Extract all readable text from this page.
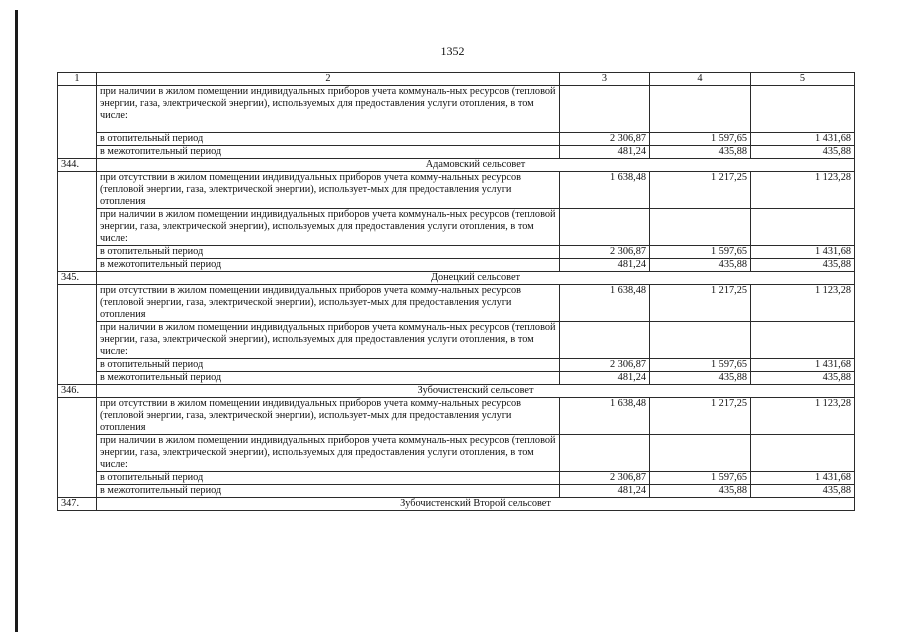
1352
1	2	3	4	5
	при наличии в жилом помещении индивидуальных приборов учета коммуналь-ных ресурсов (тепловой энергии, газа, электрической энергии), используемых для предоставления услуги отопления, в том числе:			
	в отопительный период	2 306,87	1 597,65	1 431,68
	в межотопительный период	481,24	435,88	435,88
344.	Адамовский сельсовет			
	при отсутствии в жилом помещении индивидуальных приборов учета комму-нальных ресурсов (тепловой энергии, газа, электрической энергии), использует-мых для предоставления услуги отопления	1 638,48	1 217,25	1 123,28
	при наличии в жилом помещении индивидуальных приборов учета коммуналь-ных ресурсов (тепловой энергии, газа, электрической энергии), используемых для предоставления услуги отопления, в том числе:			
	в отопительный период	2 306,87	1 597,65	1 431,68
	в межотопительный период	481,24	435,88	435,88
345.	Донецкий сельсовет			
	при отсутствии в жилом помещении индивидуальных приборов учета комму-нальных ресурсов (тепловой энергии, газа, электрической энергии), использует-мых для предоставления услуги отопления	1 638,48	1 217,25	1 123,28
	при наличии в жилом помещении индивидуальных приборов учета коммуналь-ных ресурсов (тепловой энергии, газа, электрической энергии), используемых для предоставления услуги отопления, в том числе:			
	в отопительный период	2 306,87	1 597,65	1 431,68
	в межотопительный период	481,24	435,88	435,88
346.	Зубочистенский сельсовет			
	при отсутствии в жилом помещении индивидуальных приборов учета комму-нальных ресурсов (тепловой энергии, газа, электрической энергии), использует-мых для предоставления услуги отопления	1 638,48	1 217,25	1 123,28
	при наличии в жилом помещении индивидуальных приборов учета коммуналь-ных ресурсов (тепловой энергии, газа, электрической энергии), используемых для предоставления услуги отопления, в том числе:			
	в отопительный период	2 306,87	1 597,65	1 431,68
	в межотопительный период	481,24	435,88	435,88
347.	Зубочистенский Второй сельсовет			
